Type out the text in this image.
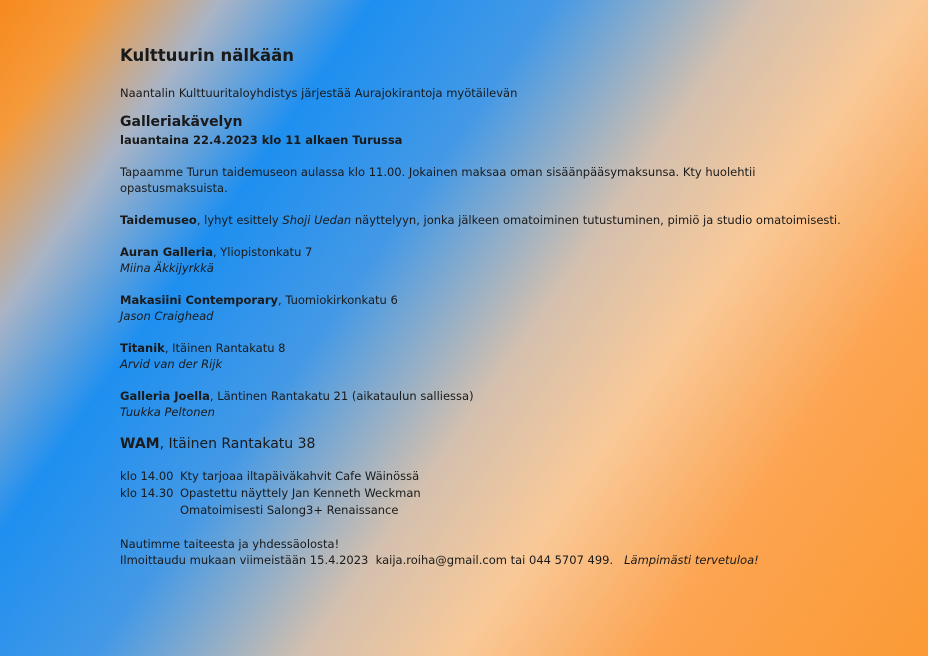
Kulttuurin nälkään
Naantalin Kulttuuritaloyhdistys järjestää Aurajokirantoja myötäilevän
Galleriakävelyn
lauantaina 22.4.2023 klo 11 alkaen Turussa
Tapaamme Turun taidemuseon aulassa klo 11.00. Jokainen maksaa oman sisäänpääsymaksunsa. Kty huolehtii opastusmaksuista.
Taidemuseo, lyhyt esittely Shoji Uedan näyttelyyn, jonka jälkeen omatoiminen tutustuminen, pimiö ja studio omatoimisesti.
Auran Galleria, Yliopistonkatu 7
Miina Äkkijyrkkä
Makasiini Contemporary, Tuomiokirkonkatu 6
Jason Craighead
Titanik, Itäinen Rantakatu 8
Arvid van der Rijk
Galleria Joella, Läntinen Rantakatu 21 (aikataulun salliessa)
Tuukka Peltonen
WAM, Itäinen Rantakatu 38
klo 14.00 Kty tarjoaa iltapäiväkahvit Cafe Wäinössä
klo 14.30 Opastettu näyttely Jan Kenneth Weckman
Omatoimisesti Salong3+ Renaissance
Nautimme taiteesta ja yhdessäolosta!
Ilmoittaudu mukaan viimeistään 15.4.2023  kaija.roiha@gmail.com tai 044 5707 499.   Lämpimästi tervetuloa!
